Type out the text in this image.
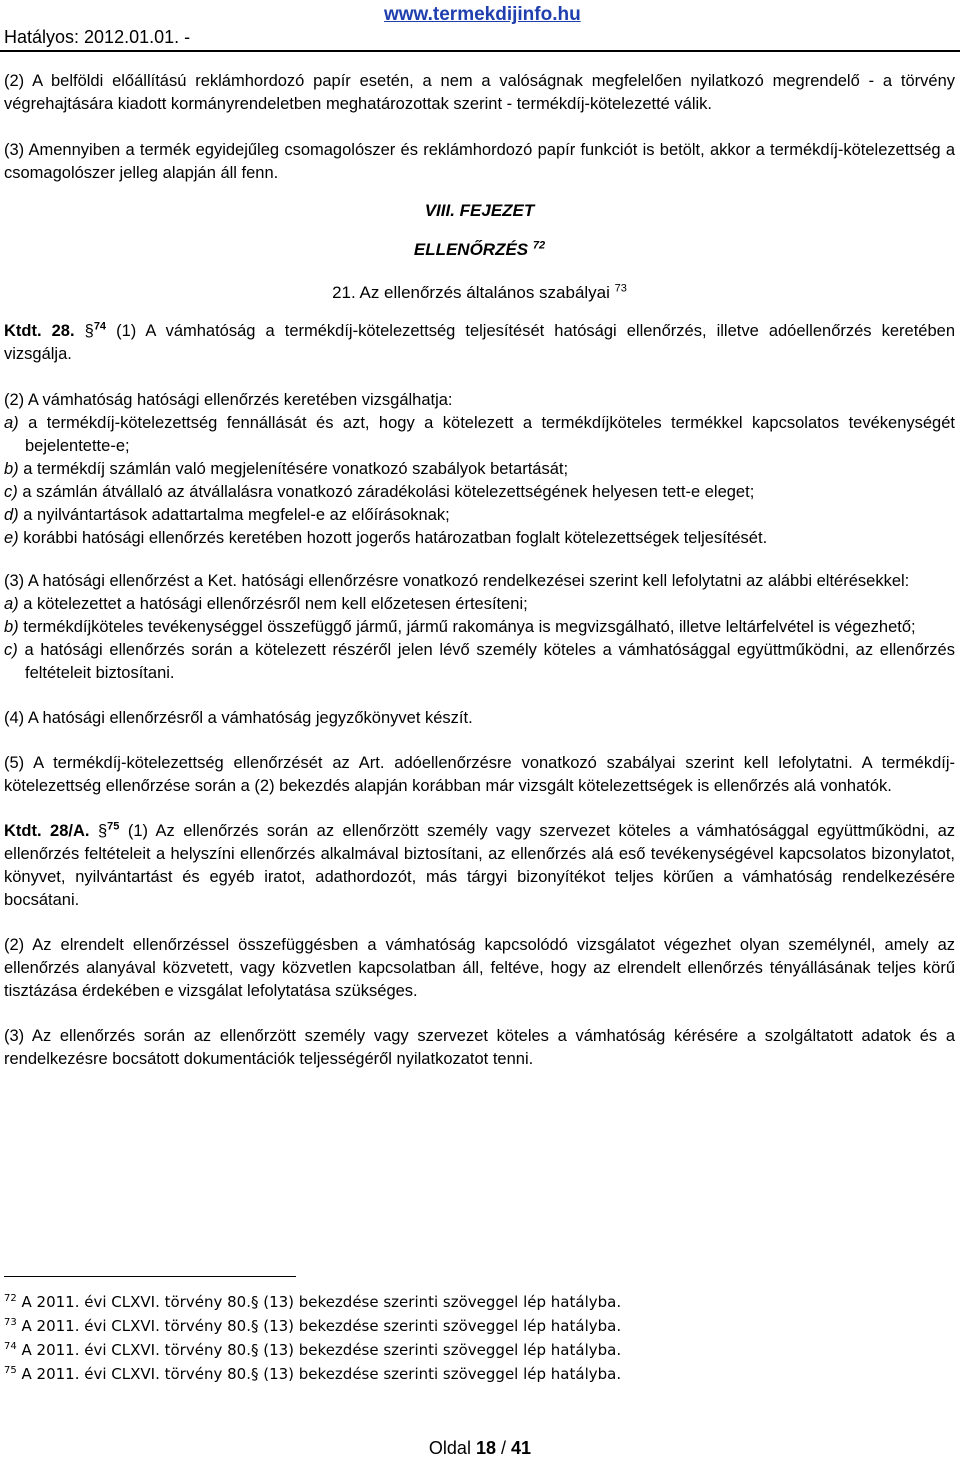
Hatályos: 2012.01.01. -
www.termekdijinfo.hu

(2) A belföldi előállítású reklámhordozó papír esetén, a nem a valóságnak megfelelően nyilatkozó megrendelő - a törvény végrehajtására kiadott kormányrendeletben meghatározottak szerint - termékdíj-kötelezetté válik.

(3) Amennyiben a termék egyidejűleg csomagolószer és reklámhordozó papír funkciót is betölt, akkor a termékdíj-kötelezettség a csomagolószer jelleg alapján áll fenn.

VIII. FEJEZET

ELLENŐRZÉS $^{72}$

21. Az ellenőrzés általános szabályai $^{73}$

Ktdt. 28. §$^{74}$ (1) A vámhatóság a termékdíj-kötelezettség teljesítését hatósági ellenőrzés, illetve adóellenőrzés keretében vizsgálja.

(2) A vámhatóság hatósági ellenőrzés keretében vizsgálhatja:

a) a termékdíj-kötelezettség fennállását és azt, hogy a kötelezett a termékdíjköteles termékkel kapcsolatos tevékenységét bejelentette-e;

b) a termékdíj számlán való megjelenítésére vonatkozó szabályok betartását;

c) a számlán átvállaló az átvállalásra vonatkozó záradékolási kötelezettségének helyesen tett-e eleget;

d) a nyilvántartások adattartalma megfelel-e az előírásoknak;

e) korábbi hatósági ellenőrzés keretében hozott jogerős határozatban foglalt kötelezettségek teljesítését.

(3) A hatósági ellenőrzést a Ket. hatósági ellenőrzésre vonatkozó rendelkezései szerint kell lefolytatni az alábbi eltérésekkel:

a) a kötelezettet a hatósági ellenőrzésről nem kell előzetesen értesíteni;

b) termékdíjköteles tevékenységgel összefüggő jármű, jármű rakománya is megvizsgálható, illetve leltárfelvétel is végezhető;

c) a hatósági ellenőrzés során a kötelezett részéről jelen lévő személy köteles a vámhatósággal együttműködni, az ellenőrzés feltételeit biztosítani.

(4) A hatósági ellenőrzésről a vámhatóság jegyzőkönyvet készít.

(5) A termékdíj-kötelezettség ellenőrzését az Art. adóellenőrzésre vonatkozó szabályai szerint kell lefolytatni. A termékdíj-kötelezettség ellenőrzése során a (2) bekezdés alapján korábban már vizsgált kötelezettségek is ellenőrzés alá vonhatók.

Ktdt. 28/A. §$^{75}$ (1) Az ellenőrzés során az ellenőrzött személy vagy szervezet köteles a vámhatósággal együttműködni, az ellenőrzés feltételeit a helyszíni ellenőrzés alkalmával biztosítani, az ellenőrzés alá eső tevékenységével kapcsolatos bizonylatot, könyvet, nyilvántartást és egyéb iratot, adathordozót, más tárgyi bizonyítékot teljes körűen a vámhatóság rendelkezésére bocsátani.

(2) Az elrendelt ellenőrzéssel összefüggésben a vámhatóság kapcsolódó vizsgálatot végezhet olyan személynél, amely az ellenőrzés alanyával közvetett, vagy közvetlen kapcsolatban áll, feltéve, hogy az elrendelt ellenőrzés tényállásának teljes körű tisztázása érdekében e vizsgálat lefolytatása szükséges.

(3) Az ellenőrzés során az ellenőrzött személy vagy szervezet köteles a vámhatóság kérésére a szolgáltatott adatok és a rendelkezésre bocsátott dokumentációk teljességéről nyilatkozatot tenni.

$^{72}$ A 2011. évi CLXVI. törvény 80.§ (13) bekezdése szerinti szöveggel lép hatályba.
$^{73}$ A 2011. évi CLXVI. törvény 80.§ (13) bekezdése szerinti szöveggel lép hatályba.
$^{74}$ A 2011. évi CLXVI. törvény 80.§ (13) bekezdése szerinti szöveggel lép hatályba.
$^{75}$ A 2011. évi CLXVI. törvény 80.§ (13) bekezdése szerinti szöveggel lép hatályba.
Oldal 18 / 41
